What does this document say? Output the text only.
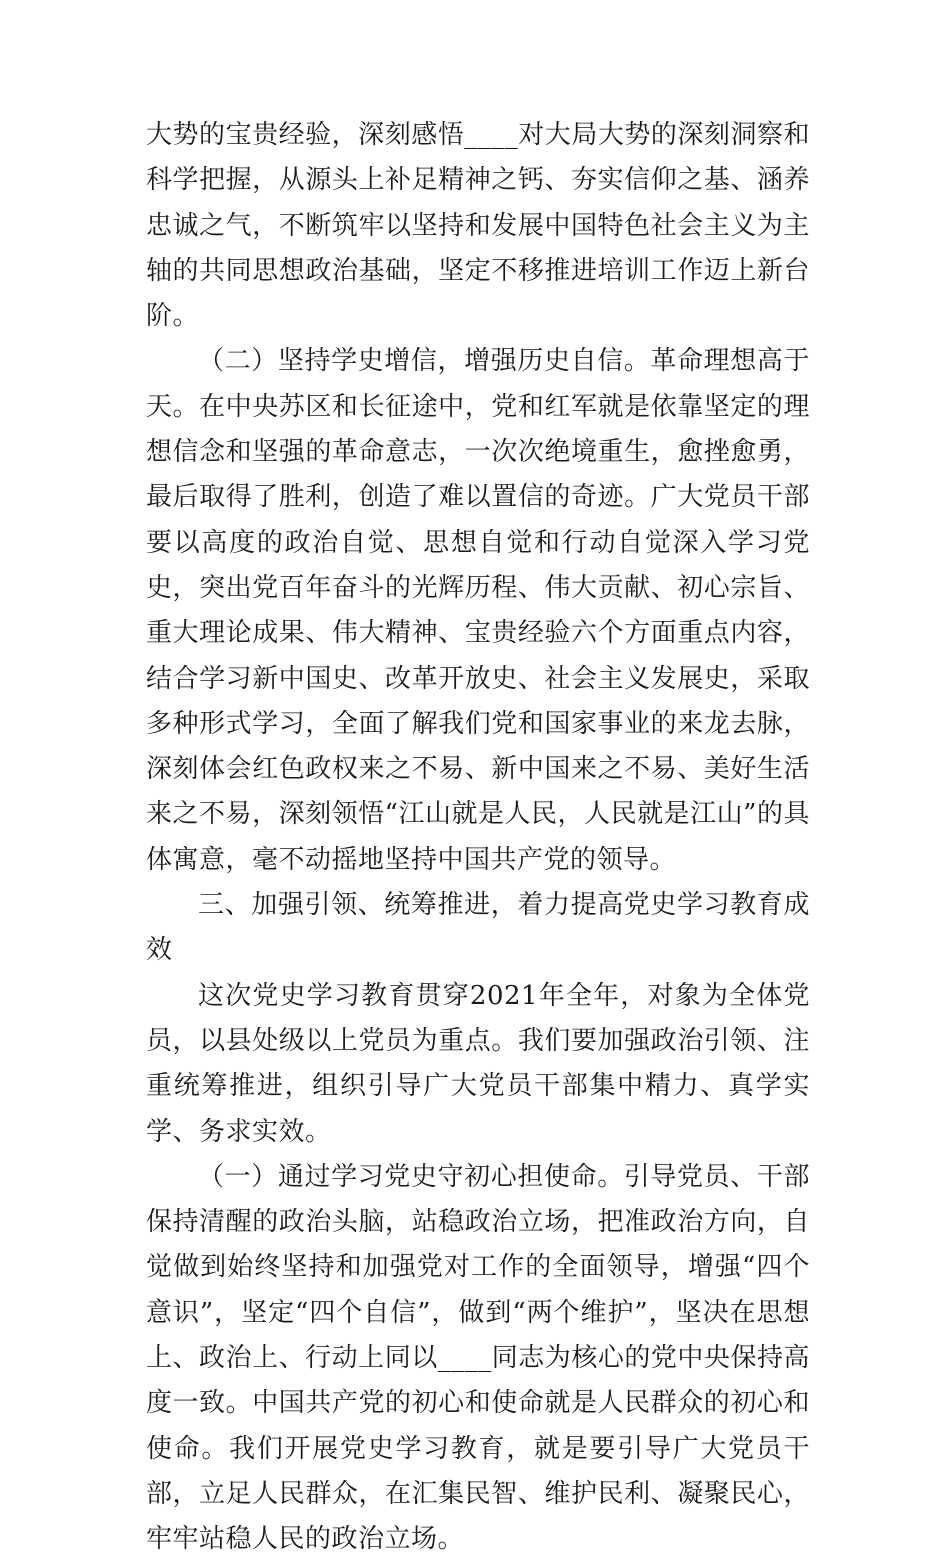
大势的宝贵经验，深刻感悟____对大局大势的深刻洞察和科学把握，从源头上补足精神之钙、夯实信仰之基、涵养忠诚之气，不断筑牢以坚持和发展中国特色社会主义为主轴的共同思想政治基础，坚定不移推进培训工作迈上新台阶。

（二）坚持学史增信，增强历史自信。革命理想高于天。在中央苏区和长征途中，党和红军就是依靠坚定的理想信念和坚强的革命意志，一次次绝境重生，愈挫愈勇，最后取得了胜利，创造了难以置信的奇迹。广大党员干部要以高度的政治自觉、思想自觉和行动自觉深入学习党史，突出党百年奋斗的光辉历程、伟大贡献、初心宗旨、重大理论成果、伟大精神、宝贵经验六个方面重点内容，结合学习新中国史、改革开放史、社会主义发展史，采取多种形式学习，全面了解我们党和国家事业的来龙去脉，深刻体会红色政权来之不易、新中国来之不易、美好生活来之不易，深刻领悟“江山就是人民，人民就是江山”的具体寓意，毫不动摇地坚持中国共产党的领导。

三、加强引领、统筹推进，着力提高党史学习教育成效

这次党史学习教育贯穿2021年全年，对象为全体党员，以县处级以上党员为重点。我们要加强政治引领、注重统筹推进，组织引导广大党员干部集中精力、真学实学、务求实效。

（一）通过学习党史守初心担使命。引导党员、干部保持清醒的政治头脑，站稳政治立场，把准政治方向，自觉做到始终坚持和加强党对工作的全面领导，增强“四个意识”，坚定“四个自信”，做到“两个维护”，坚决在思想上、政治上、行动上同以____同志为核心的党中央保持高度一致。中国共产党的初心和使命就是人民群众的初心和使命。我们开展党史学习教育，就是要引导广大党员干部，立足人民群众，在汇集民智、维护民利、凝聚民心，牢牢站稳人民的政治立场。
